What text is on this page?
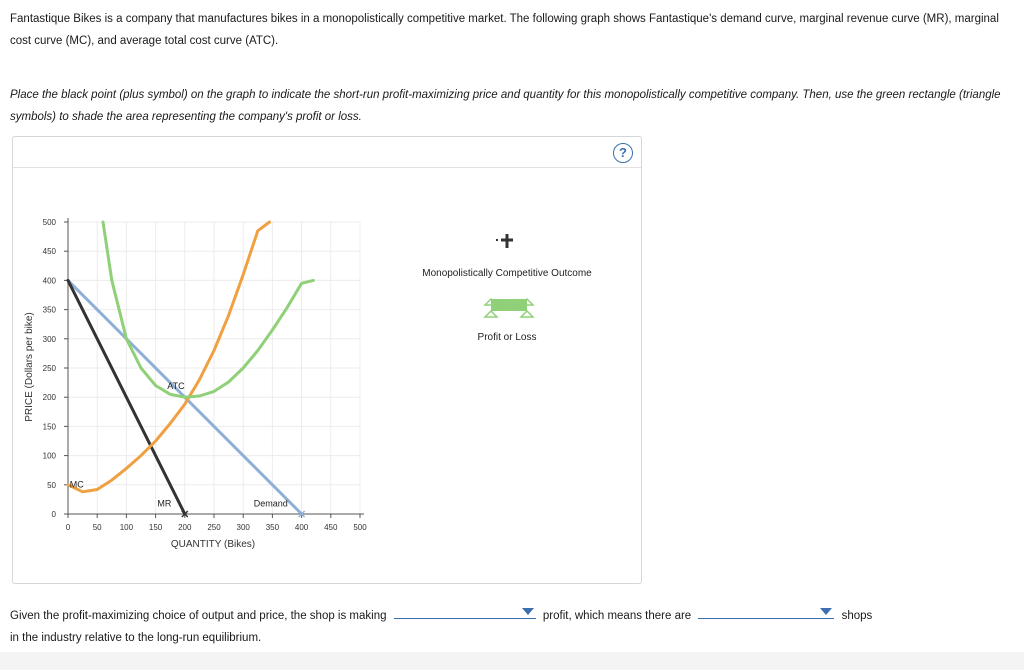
Fantastique Bikes is a company that manufactures bikes in a monopolistically competitive market. The following graph shows Fantastique's demand curve, marginal revenue curve (MR), marginal cost curve (MC), and average total cost curve (ATC).

Place the black point (plus symbol) on the graph to indicate the short-run profit-maximizing price and quantity for this monopolistically competitive company. Then, use the green rectangle (triangle symbols) to shade the area representing the company's profit or loss.

?
0
50
100
150
200
250
300
350
400
450
500
0	50 100 150 200 250 300 350 400 450 500
ATC
MC
MR	Demand
PRICE (Dollars per bike)
QUANTITY (Bikes)
Monopolistically Competitive Outcome
Profit or Loss
Given the profit-maximizing choice of output and price, the shop is making	profit, which means there are	shops
in the industry relative to the long-run equilibrium.
